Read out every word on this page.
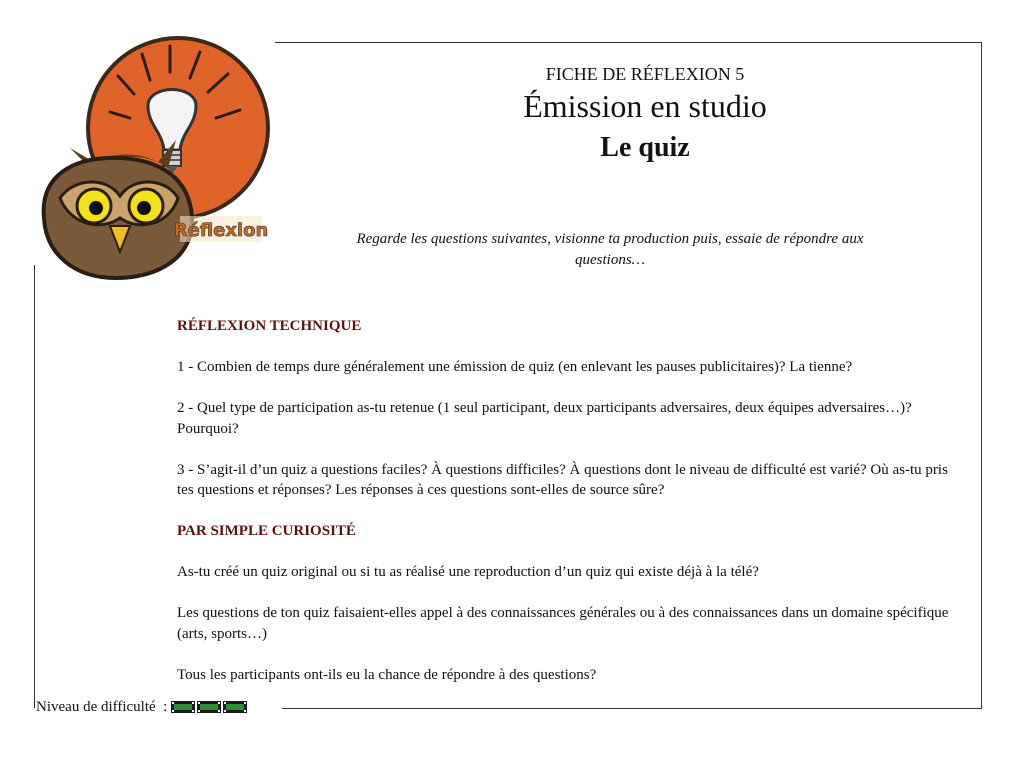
Réflexion
FICHE DE RÉFLEXION 5
Émission en studio
Le quiz
Regarde les questions suivantes, visionne ta production puis, essaie de répondre aux questions…

RÉFLEXION TECHNIQUE

1 - Combien de temps dure généralement une émission de quiz (en enlevant les pauses publicitaires)? La tienne?

2 - Quel type de participation as-tu retenue (1 seul participant, deux participants adversaires, deux équipes adversaires…)? Pourquoi?

3 - S’agit-il d’un quiz a questions faciles? À questions difficiles? À questions dont le niveau de difficulté est varié? Où as-tu pris tes questions et réponses? Les réponses à ces questions sont-elles de source sûre?

PAR SIMPLE CURIOSITÉ

As-tu créé un quiz original ou si tu as réalisé une reproduction d’un quiz qui existe déjà à la télé?

Les questions de ton quiz faisaient-elles appel à des connaissances générales ou à des connaissances dans un domaine spécifique (arts, sports…)

Tous les participants ont-ils eu la chance de répondre à des questions?

Niveau de difficulté  :
